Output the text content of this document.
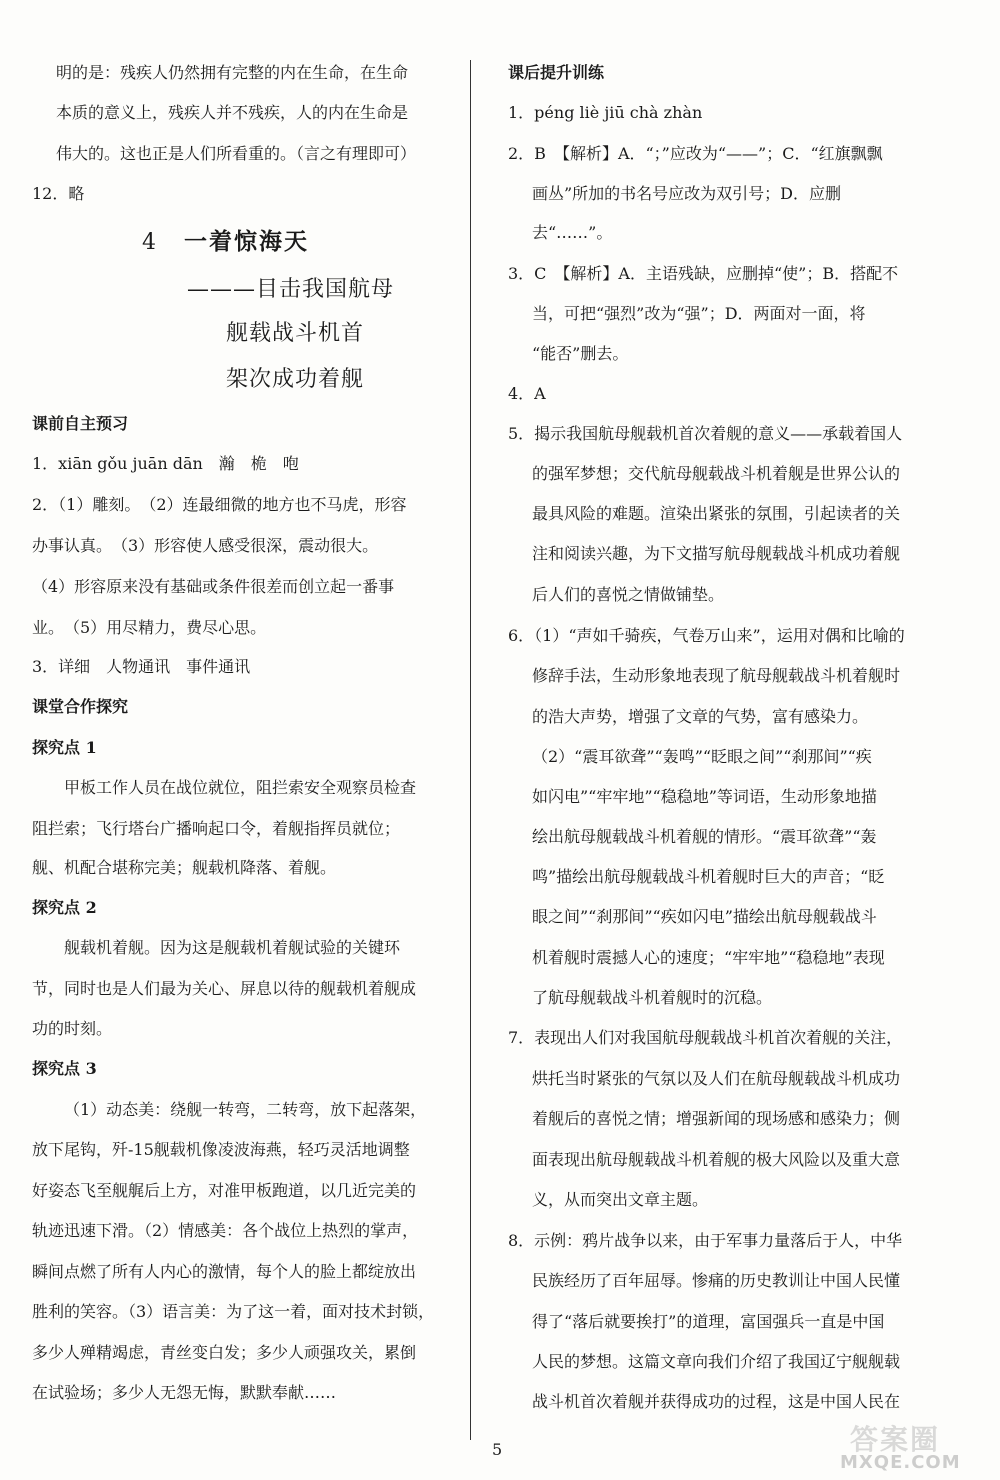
明的是：残疾人仍然拥有完整的内在生命，在生命
本质的意义上，残疾人并不残疾，人的内在生命是
伟大的。这也正是人们所看重的。（言之有理即可）
12．略
4 一着惊海天
———目击我国航母
舰载战斗机首
架次成功着舰
课前自主预习
1．xiān gǒu juān dān　瀚　桅　咆
2．（1）雕刻。　（2）连最细微的地方也不马虎，形容
办事认真。　（3）形容使人感受很深，震动很大。
（4）形容原来没有基础或条件很差而创立起一番事
业。　（5）用尽精力，费尽心思。
3．详细　人物通讯　事件通讯
课堂合作探究
探究点 1
甲板工作人员在战位就位，阻拦索安全观察员检查
阻拦索；飞行塔台广播响起口令，着舰指挥员就位；
舰、机配合堪称完美；舰载机降落、着舰。
探究点 2
舰载机着舰。因为这是舰载机着舰试验的关键环
节，同时也是人们最为关心、屏息以待的舰载机着舰成
功的时刻。
探究点 3
（1）动态美：绕舰一转弯，二转弯，放下起落架，
放下尾钩，歼-15舰载机像凌波海燕，轻巧灵活地调整
好姿态飞至舰艉后上方，对准甲板跑道，以几近完美的
轨迹迅速下滑。（2）情感美：各个战位上热烈的掌声，
瞬间点燃了所有人内心的激情，每个人的脸上都绽放出
胜利的笑容。（3）语言美：为了这一着，面对技术封锁，
多少人殚精竭虑，青丝变白发；多少人顽强攻关，累倒
在试验场；多少人无怨无悔，默默奉献……
课后提升训练
1．péng liè jiū chà zhàn
2．B　【解析】A．“；”应改为“——”；C．“红旗飘飘
画丛”所加的书名号应改为双引号；D．应删
去“……”。
3．C　【解析】A．主语残缺，应删掉“使”；B．搭配不
当，可把“强烈”改为“强”；D．两面对一面，将
“能否”删去。
4．A
5．揭示我国航母舰载机首次着舰的意义——承载着国人
的强军梦想；交代航母舰载战斗机着舰是世界公认的
最具风险的难题。渲染出紧张的氛围，引起读者的关
注和阅读兴趣，为下文描写航母舰载战斗机成功着舰
后人们的喜悦之情做铺垫。
6．（1）“声如千骑疾，气卷万山来”，运用对偶和比喻的
修辞手法，生动形象地表现了航母舰载战斗机着舰时
的浩大声势，增强了文章的气势，富有感染力。
（2）“震耳欲聋”“轰鸣”“眨眼之间”“刹那间”“疾
如闪电”“牢牢地”“稳稳地”等词语，生动形象地描
绘出航母舰载战斗机着舰的情形。“震耳欲聋”“轰
鸣”描绘出航母舰载战斗机着舰时巨大的声音；“眨
眼之间”“刹那间”“疾如闪电”描绘出航母舰载战斗
机着舰时震撼人心的速度；“牢牢地”“稳稳地”表现
了航母舰载战斗机着舰时的沉稳。
7．表现出人们对我国航母舰载战斗机首次着舰的关注，
烘托当时紧张的气氛以及人们在航母舰载战斗机成功
着舰后的喜悦之情；增强新闻的现场感和感染力；侧
面表现出航母舰载战斗机着舰的极大风险以及重大意
义，从而突出文章主题。
8．示例：鸦片战争以来，由于军事力量落后于人，中华
民族经历了百年屈辱。惨痛的历史教训让中国人民懂
得了“落后就要挨打”的道理，富国强兵一直是中国
人民的梦想。这篇文章向我们介绍了我国辽宁舰舰载
战斗机首次着舰并获得成功的过程，这是中国人民在
5	答案圈
MXQE.COM
